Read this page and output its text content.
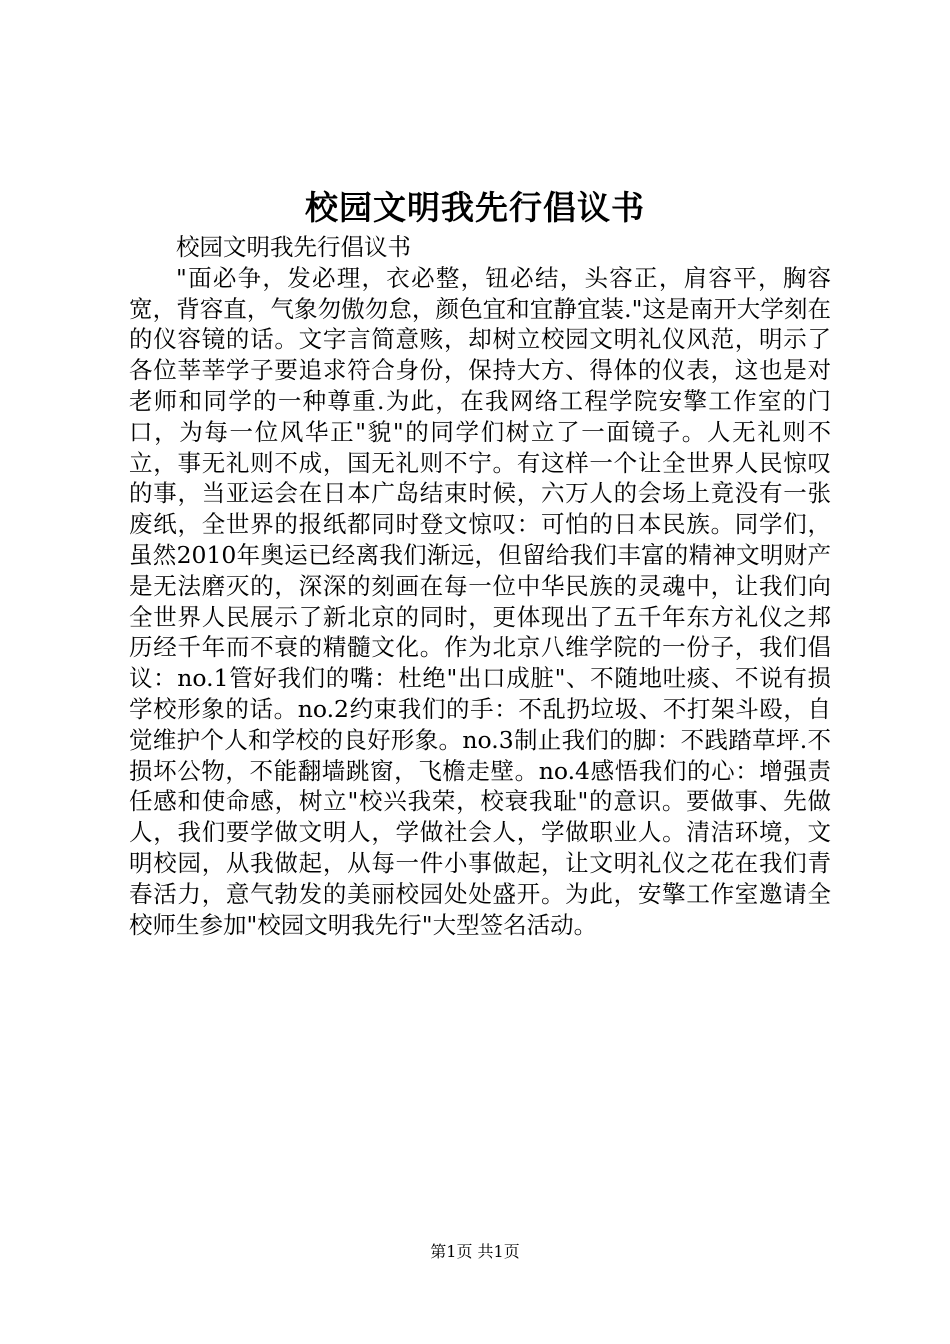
校园文明我先行倡议书

校园文明我先行倡议书

"面必争，发必理，衣必整，钮必结，头容正，肩容平，胸容宽，背容直，气象勿傲勿怠，颜色宜和宜静宜装."这是南开大学刻在的仪容镜的话。文字言简意赅，却树立校园文明礼仪风范，明示了各位莘莘学子要追求符合身份，保持大方、得体的仪表，这也是对老师和同学的一种尊重.为此，在我网络工程学院安擎工作室的门口，为每一位风华正"貌"的同学们树立了一面镜子。人无礼则不立，事无礼则不成，国无礼则不宁。有这样一个让全世界人民惊叹的事，当亚运会在日本广岛结束时候，六万人的会场上竟没有一张废纸，全世界的报纸都同时登文惊叹：可怕的日本民族。同学们，虽然2010年奥运已经离我们渐远，但留给我们丰富的精神文明财产是无法磨灭的，深深的刻画在每一位中华民族的灵魂中，让我们向全世界人民展示了新北京的同时，更体现出了五千年东方礼仪之邦历经千年而不衰的精髓文化。作为北京八维学院的一份子，我们倡议：no.1管好我们的嘴：杜绝"出口成脏"、不随地吐痰、不说有损学校形象的话。no.2约束我们的手：不乱扔垃圾、不打架斗殴，自觉维护个人和学校的良好形象。no.3制止我们的脚：不践踏草坪.不损坏公物，不能翻墙跳窗，飞檐走壁。no.4感悟我们的心：增强责任感和使命感，树立"校兴我荣，校衰我耻"的意识。要做事、先做人，我们要学做文明人，学做社会人，学做职业人。清洁环境，文明校园，从我做起，从每一件小事做起，让文明礼仪之花在我们青春活力，意气勃发的美丽校园处处盛开。为此，安擎工作室邀请全校师生参加"校园文明我先行"大型签名活动。

第1页 共1页
